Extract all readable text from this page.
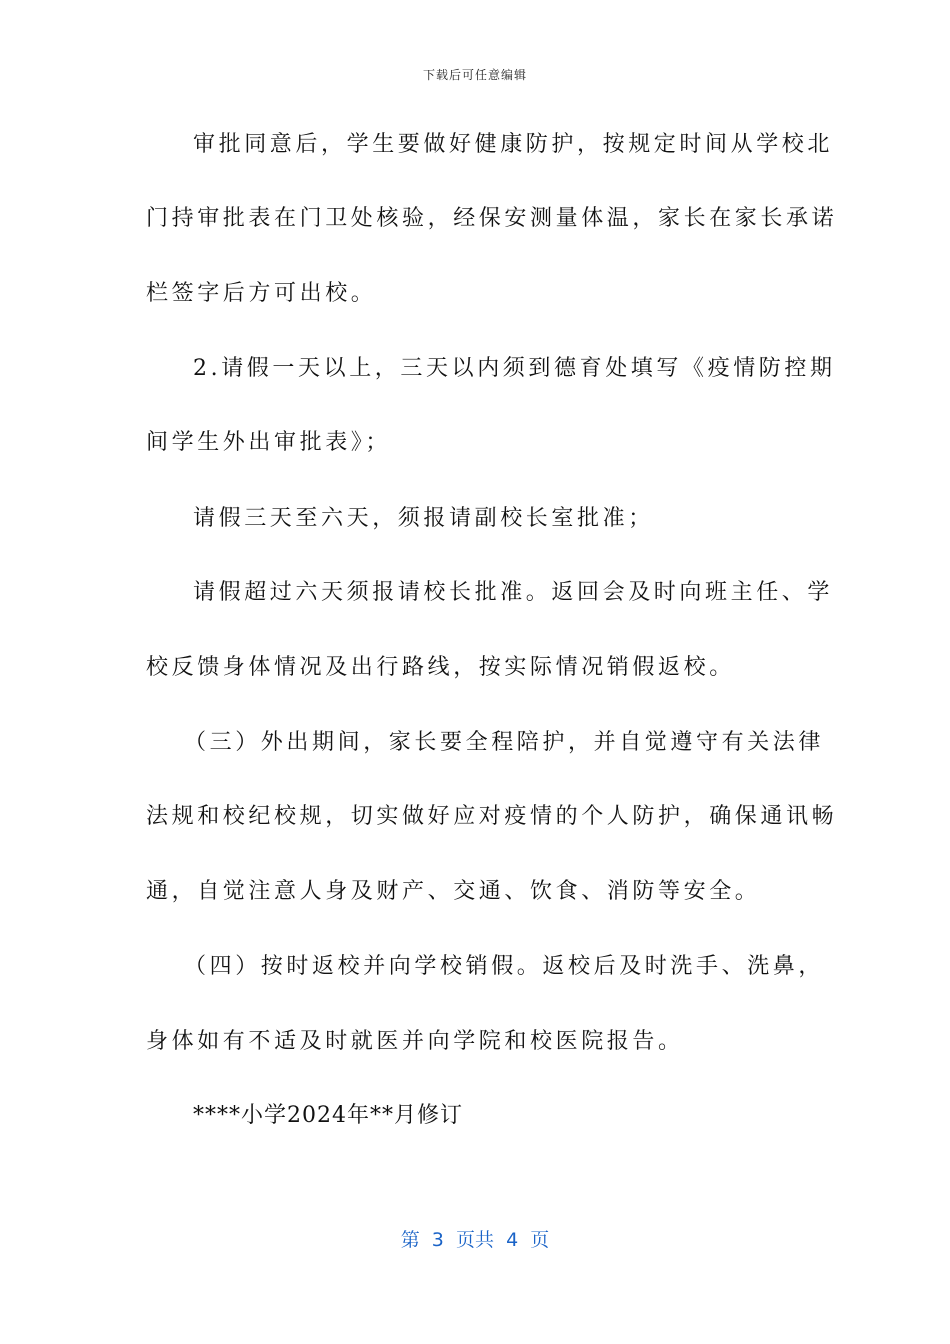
下载后可任意编辑
审批同意后，学生要做好健康防护，按规定时间从学校北
门持审批表在门卫处核验，经保安测量体温，家长在家长承诺
栏签字后方可出校。
2.请假一天以上，三天以内须到德育处填写《疫情防控期
间学生外出审批表》；
请假三天至六天，须报请副校长室批准；
请假超过六天须报请校长批准。返回会及时向班主任、学
校反馈身体情况及出行路线，按实际情况销假返校。
（三）外出期间，家长要全程陪护，并自觉遵守有关法律
法规和校纪校规，切实做好应对疫情的个人防护，确保通讯畅
通，自觉注意人身及财产、交通、饮食、消防等安全。
（四）按时返校并向学校销假。返校后及时洗手、洗鼻，
身体如有不适及时就医并向学院和校医院报告。
****小学2024年**月修订
第 3 页共 4 页
